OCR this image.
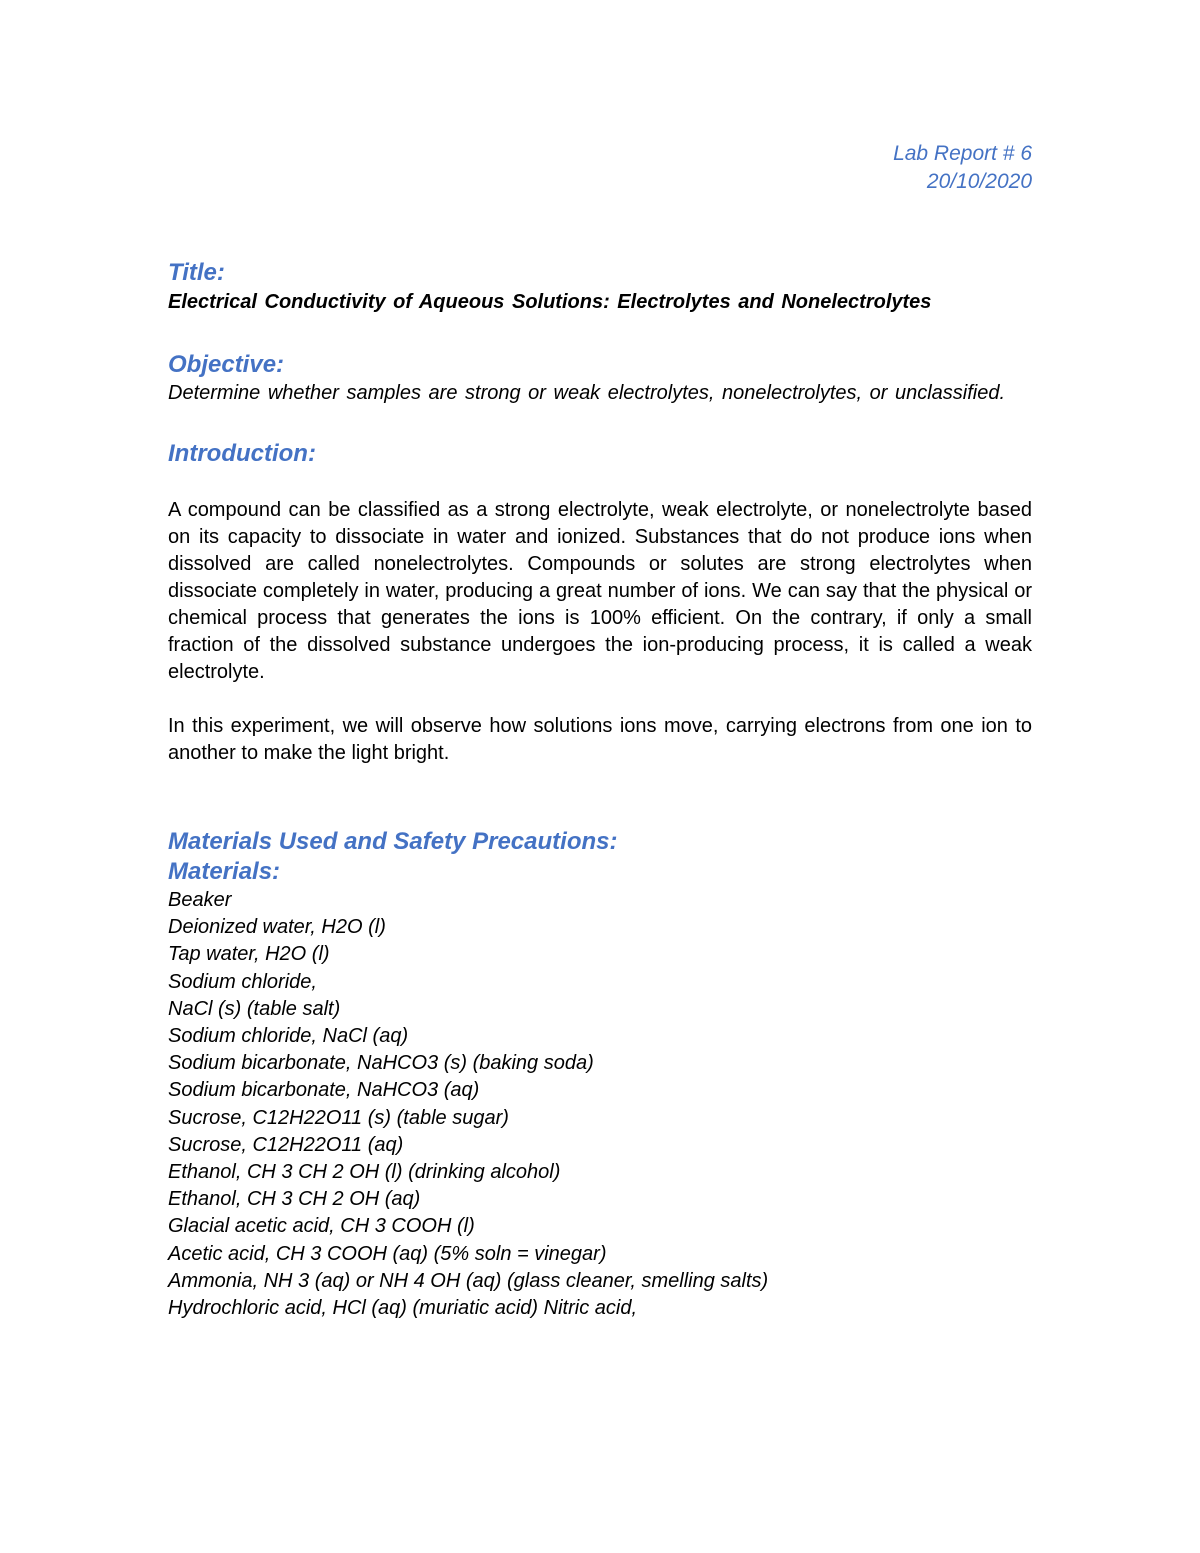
Lab Report # 6
20/10/2020
Title:

Electrical Conductivity of Aqueous Solutions: Electrolytes and Nonelectrolytes

Objective:

Determine whether samples are strong or weak electrolytes, nonelectrolytes, or unclassified.

Introduction:

A compound can be classified as a strong electrolyte, weak electrolyte, or nonelectrolyte based on its capacity to dissociate in water and ionized. Substances that do not produce ions when dissolved are called nonelectrolytes. Compounds or solutes are strong electrolytes when dissociate completely in water, producing a great number of ions. We can say that the physical or chemical process that generates the ions is 100% efficient. On the contrary, if only a small fraction of the dissolved substance undergoes the ion-producing process, it is called a weak electrolyte.

In this experiment, we will observe how solutions ions move, carrying electrons from one ion to another to make the light bright.

Materials Used and Safety Precautions:
Materials:
Beaker
Deionized water, H2O (l)
Tap water, H2O (l)
Sodium chloride,
NaCl (s) (table salt)
Sodium chloride, NaCl (aq)
Sodium bicarbonate, NaHCO3 (s) (baking soda)
Sodium bicarbonate, NaHCO3 (aq)
Sucrose, C12H22O11 (s) (table sugar)
Sucrose, C12H22O11 (aq)
Ethanol, CH 3 CH 2 OH (l) (drinking alcohol)
Ethanol, CH 3 CH 2 OH (aq)
Glacial acetic acid, CH 3 COOH (l)
Acetic acid, CH 3 COOH (aq) (5% soln = vinegar)
Ammonia, NH 3 (aq) or NH 4 OH (aq) (glass cleaner, smelling salts)
Hydrochloric acid, HCl (aq) (muriatic acid) Nitric acid,
